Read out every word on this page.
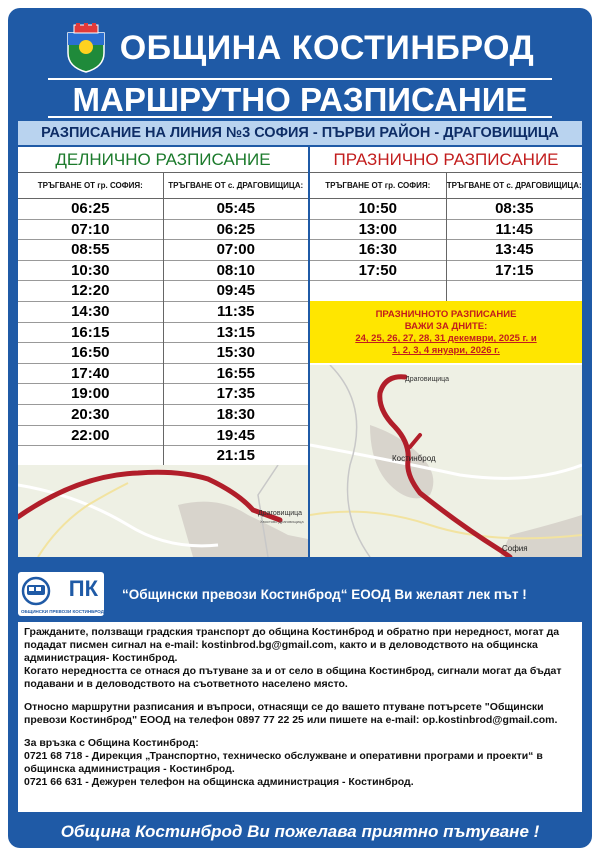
ОБЩИНА КОСТИНБРОД
МАРШРУТНО РАЗПИСАНИЕ
РАЗПИСАНИЕ НА ЛИНИЯ №3 СОФИЯ - ПЪРВИ РАЙОН - ДРАГОВИЩИЦА
ДЕЛНИЧНО РАЗПИСАНИЕ
ТРЪГВАНЕ ОТ гр. СОФИЯ:
06:25
07:10
08:55
10:30
12:20
14:30
16:15
16:50
17:40
19:00
20:30
22:00
ТРЪГВАНЕ ОТ с. ДРАГОВИЩИЦА:
05:45
06:25
07:00
08:10
09:45
11:35
13:15
15:30
16:55
17:35
18:30
19:45
21:15
Драговищица
Хвостово Драговищица
ПРАЗНИЧНО РАЗПИСАНИЕ
ТРЪГВАНЕ ОТ гр. СОФИЯ:
10:50
13:00
16:30
17:50
ТРЪГВАНЕ ОТ с. ДРАГОВИЩИЦА:
08:35
11:45
13:45
17:15
ПРАЗНИЧНОТО РАЗПИСАНИЕ
ВАЖИ ЗА ДНИТЕ:
24, 25, 26, 27, 28, 31 декември, 2025 г. и
1, 2, 3, 4 януари, 2026 г.
Драговищица
Костинброд
София
ПК
ОБЩИНСКИ ПРЕВОЗИ КОСТИНБРОД
“Общински превози Костинброд“ ЕООД Ви желаят лек път !

Гражданите, ползващи градския транспорт до община Костинброд и обратно при нередност, могат да подадат писмен сигнал на e-mail: kostinbrod.bg@gmail.com, както и в деловодството на общинска администрация- Костинброд.

Когато нередността се отнася до пътуване за и от село в община Костинброд, сигнали могат да бъдат подавани и в деловодството на съответното населено място.

Относно маршрутни разписания и въпроси, отнасящи се до вашето птуване потърсете "Общински превози Костинброд" ЕООД на телефон 0897 77 22 25 или пишете на e-mail: op.kostinbrod@gmail.com.

За връзка с Община Костинброд:

0721 68 718 - Дирекция „Транспортно, техническо обслужване и оперативни програми и проекти“ в общинска администрация - Костинброд.

0721 66 631 - Дежурен телефон на общинска администрация - Костинброд.

Община Костинброд Ви пожелава приятно пътуване !
